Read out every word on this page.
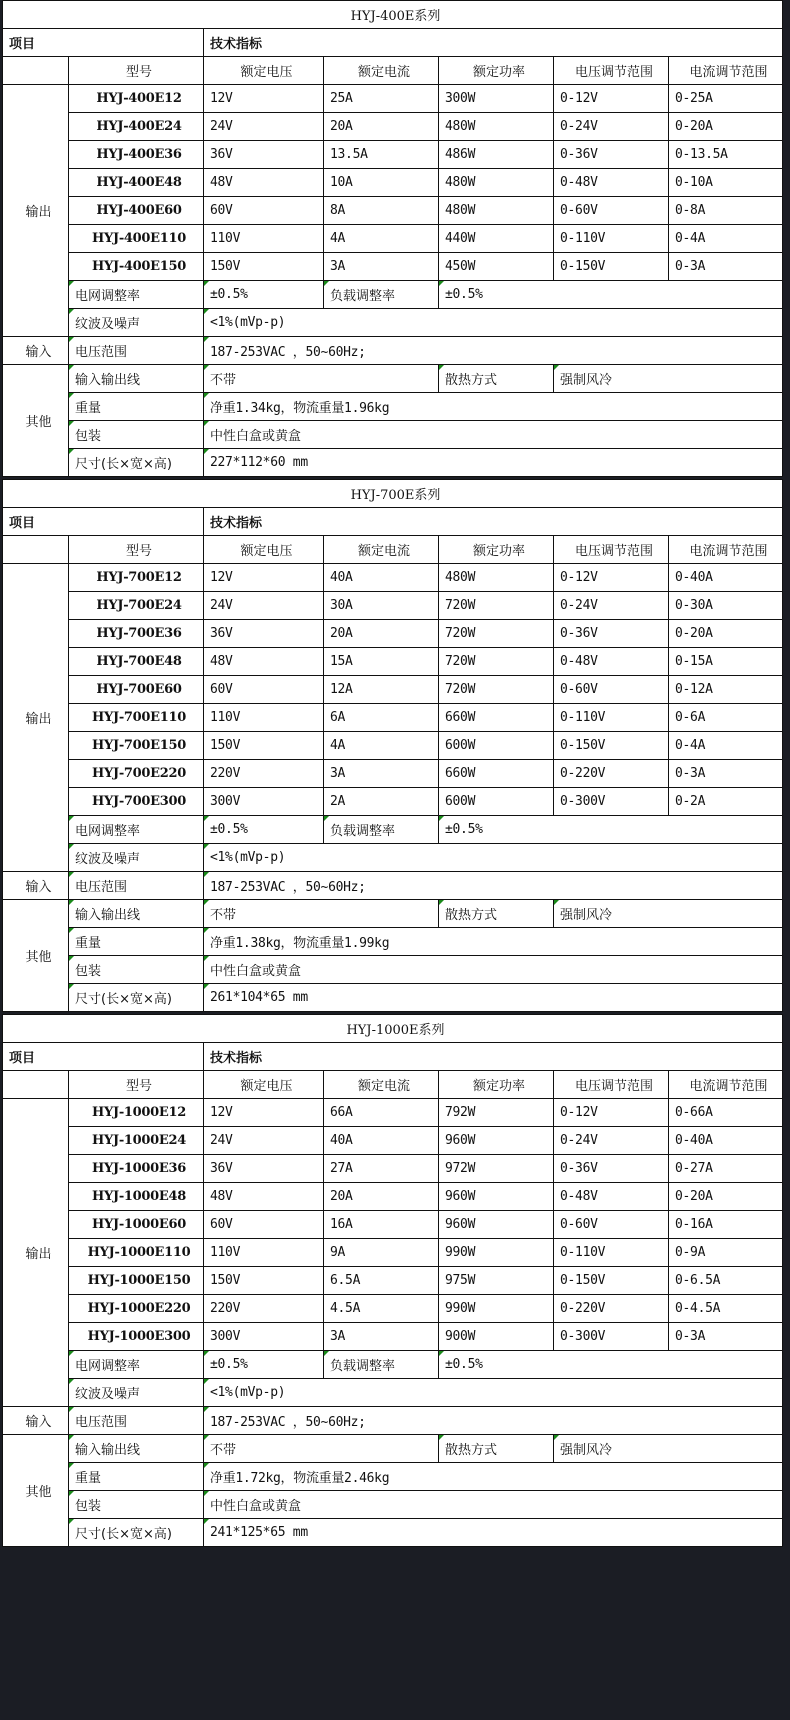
HYJ-400E系列						
项目		技术指标				
	型号	额定电压	额定电流	额定功率	电压调节范围	电流调节范围
输出	HYJ-400E12	12V	25A	300W	0-12V	0-25A
	HYJ-400E24	24V	20A	480W	0-24V	0-20A
	HYJ-400E36	36V	13.5A	486W	0-36V	0-13.5A
	HYJ-400E48	48V	10A	480W	0-48V	0-10A
	HYJ-400E60	60V	8A	480W	0-60V	0-8A
	HYJ-400E110	110V	4A	440W	0-110V	0-4A
	HYJ-400E150	150V	3A	450W	0-150V	0-3A
	电网调整率	±0.5%	负载调整率	±0.5%		
	纹波及噪声	<1%(mVp-p)				
输入	电压范围	187-253VAC ，50~60Hz;				
其他	输入输出线	不带		散热方式	强制风冷	
	重量	净重1.34kg，物流重量1.96kg				
	包装	中性白盒或黄盒				
	尺寸(长×宽×高)	227*112*60 mm				
HYJ-700E系列						
项目		技术指标				
	型号	额定电压	额定电流	额定功率	电压调节范围	电流调节范围
输出	HYJ-700E12	12V	40A	480W	0-12V	0-40A
	HYJ-700E24	24V	30A	720W	0-24V	0-30A
	HYJ-700E36	36V	20A	720W	0-36V	0-20A
	HYJ-700E48	48V	15A	720W	0-48V	0-15A
	HYJ-700E60	60V	12A	720W	0-60V	0-12A
	HYJ-700E110	110V	6A	660W	0-110V	0-6A
	HYJ-700E150	150V	4A	600W	0-150V	0-4A
	HYJ-700E220	220V	3A	660W	0-220V	0-3A
	HYJ-700E300	300V	2A	600W	0-300V	0-2A
	电网调整率	±0.5%	负载调整率	±0.5%		
	纹波及噪声	<1%(mVp-p)				
输入	电压范围	187-253VAC ，50~60Hz;				
其他	输入输出线	不带		散热方式	强制风冷	
	重量	净重1.38kg，物流重量1.99kg				
	包装	中性白盒或黄盒				
	尺寸(长×宽×高)	261*104*65 mm				
HYJ-1000E系列						
项目		技术指标				
	型号	额定电压	额定电流	额定功率	电压调节范围	电流调节范围
输出	HYJ-1000E12	12V	66A	792W	0-12V	0-66A
	HYJ-1000E24	24V	40A	960W	0-24V	0-40A
	HYJ-1000E36	36V	27A	972W	0-36V	0-27A
	HYJ-1000E48	48V	20A	960W	0-48V	0-20A
	HYJ-1000E60	60V	16A	960W	0-60V	0-16A
	HYJ-1000E110	110V	9A	990W	0-110V	0-9A
	HYJ-1000E150	150V	6.5A	975W	0-150V	0-6.5A
	HYJ-1000E220	220V	4.5A	990W	0-220V	0-4.5A
	HYJ-1000E300	300V	3A	900W	0-300V	0-3A
	电网调整率	±0.5%	负载调整率	±0.5%		
	纹波及噪声	<1%(mVp-p)				
输入	电压范围	187-253VAC ，50~60Hz;				
其他	输入输出线	不带		散热方式	强制风冷	
	重量	净重1.72kg，物流重量2.46kg				
	包装	中性白盒或黄盒				
	尺寸(长×宽×高)	241*125*65 mm				
